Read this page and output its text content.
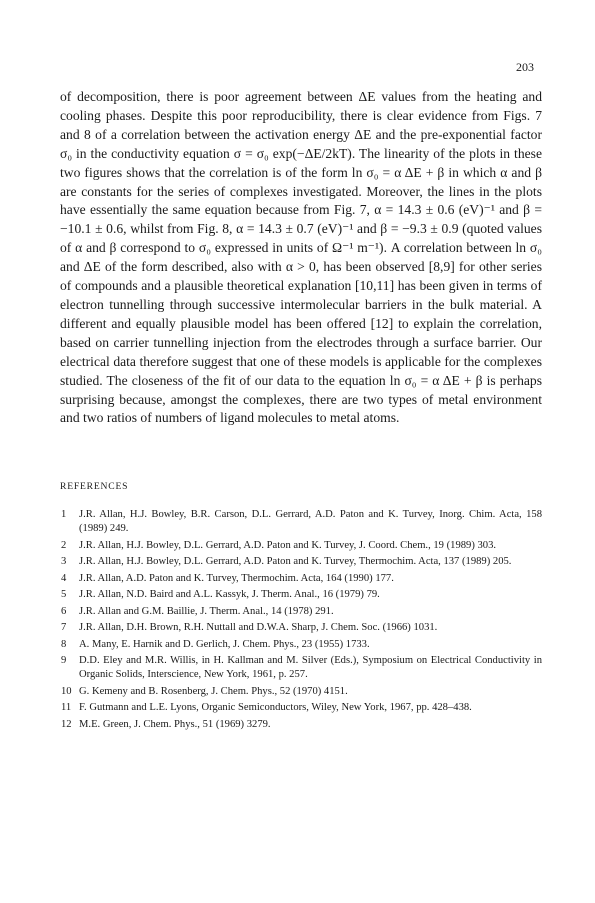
203

of decomposition, there is poor agreement between ΔE values from the heating and cooling phases. Despite this poor reproducibility, there is clear evidence from Figs. 7 and 8 of a correlation between the activation energy ΔE and the pre-exponential factor σ₀ in the conductivity equation σ = σ₀ exp(−ΔE/2kT). The linearity of the plots in these two figures shows that the correlation is of the form ln σ₀ = α ΔE + β in which α and β are constants for the series of complexes investigated. Moreover, the lines in the plots have essentially the same equation because from Fig. 7, α = 14.3 ± 0.6 (eV)⁻¹ and β = −10.1 ± 0.6, whilst from Fig. 8, α = 14.3 ± 0.7 (eV)⁻¹ and β = −9.3 ± 0.9 (quoted values of α and β correspond to σ₀ expressed in units of Ω⁻¹ m⁻¹). A correlation between ln σ₀ and ΔE of the form described, also with α > 0, has been observed [8,9] for other series of compounds and a plausible theoretical explanation [10,11] has been given in terms of electron tunnelling through successive intermolecular barriers in the bulk material. A different and equally plausible model has been offered [12] to explain the correlation, based on carrier tunnelling injection from the electrodes through a surface barrier. Our electrical data therefore suggest that one of these models is applicable for the complexes studied. The closeness of the fit of our data to the equation ln σ₀ = α ΔE + β is perhaps surprising because, amongst the complexes, there are two types of metal environment and two ratios of numbers of ligand molecules to metal atoms.

REFERENCES
1	J.R. Allan, H.J. Bowley, B.R. Carson, D.L. Gerrard, A.D. Paton and K. Turvey, Inorg. Chim. Acta, 158 (1989) 249.
2	J.R. Allan, H.J. Bowley, D.L. Gerrard, A.D. Paton and K. Turvey, J. Coord. Chem., 19 (1989) 303.
3	J.R. Allan, H.J. Bowley, D.L. Gerrard, A.D. Paton and K. Turvey, Thermochim. Acta, 137 (1989) 205.
4	J.R. Allan, A.D. Paton and K. Turvey, Thermochim. Acta, 164 (1990) 177.
5	J.R. Allan, N.D. Baird and A.L. Kassyk, J. Therm. Anal., 16 (1979) 79.
6	J.R. Allan and G.M. Baillie, J. Therm. Anal., 14 (1978) 291.
7	J.R. Allan, D.H. Brown, R.H. Nuttall and D.W.A. Sharp, J. Chem. Soc. (1966) 1031.
8	A. Many, E. Harnik and D. Gerlich, J. Chem. Phys., 23 (1955) 1733.
9	D.D. Eley and M.R. Willis, in H. Kallman and M. Silver (Eds.), Symposium on Electrical Conductivity in Organic Solids, Interscience, New York, 1961, p. 257.
10 G. Kemeny and B. Rosenberg, J. Chem. Phys., 52 (1970) 4151.
11 F. Gutmann and L.E. Lyons, Organic Semiconductors, Wiley, New York, 1967, pp. 428–438.
12 M.E. Green, J. Chem. Phys., 51 (1969) 3279.
